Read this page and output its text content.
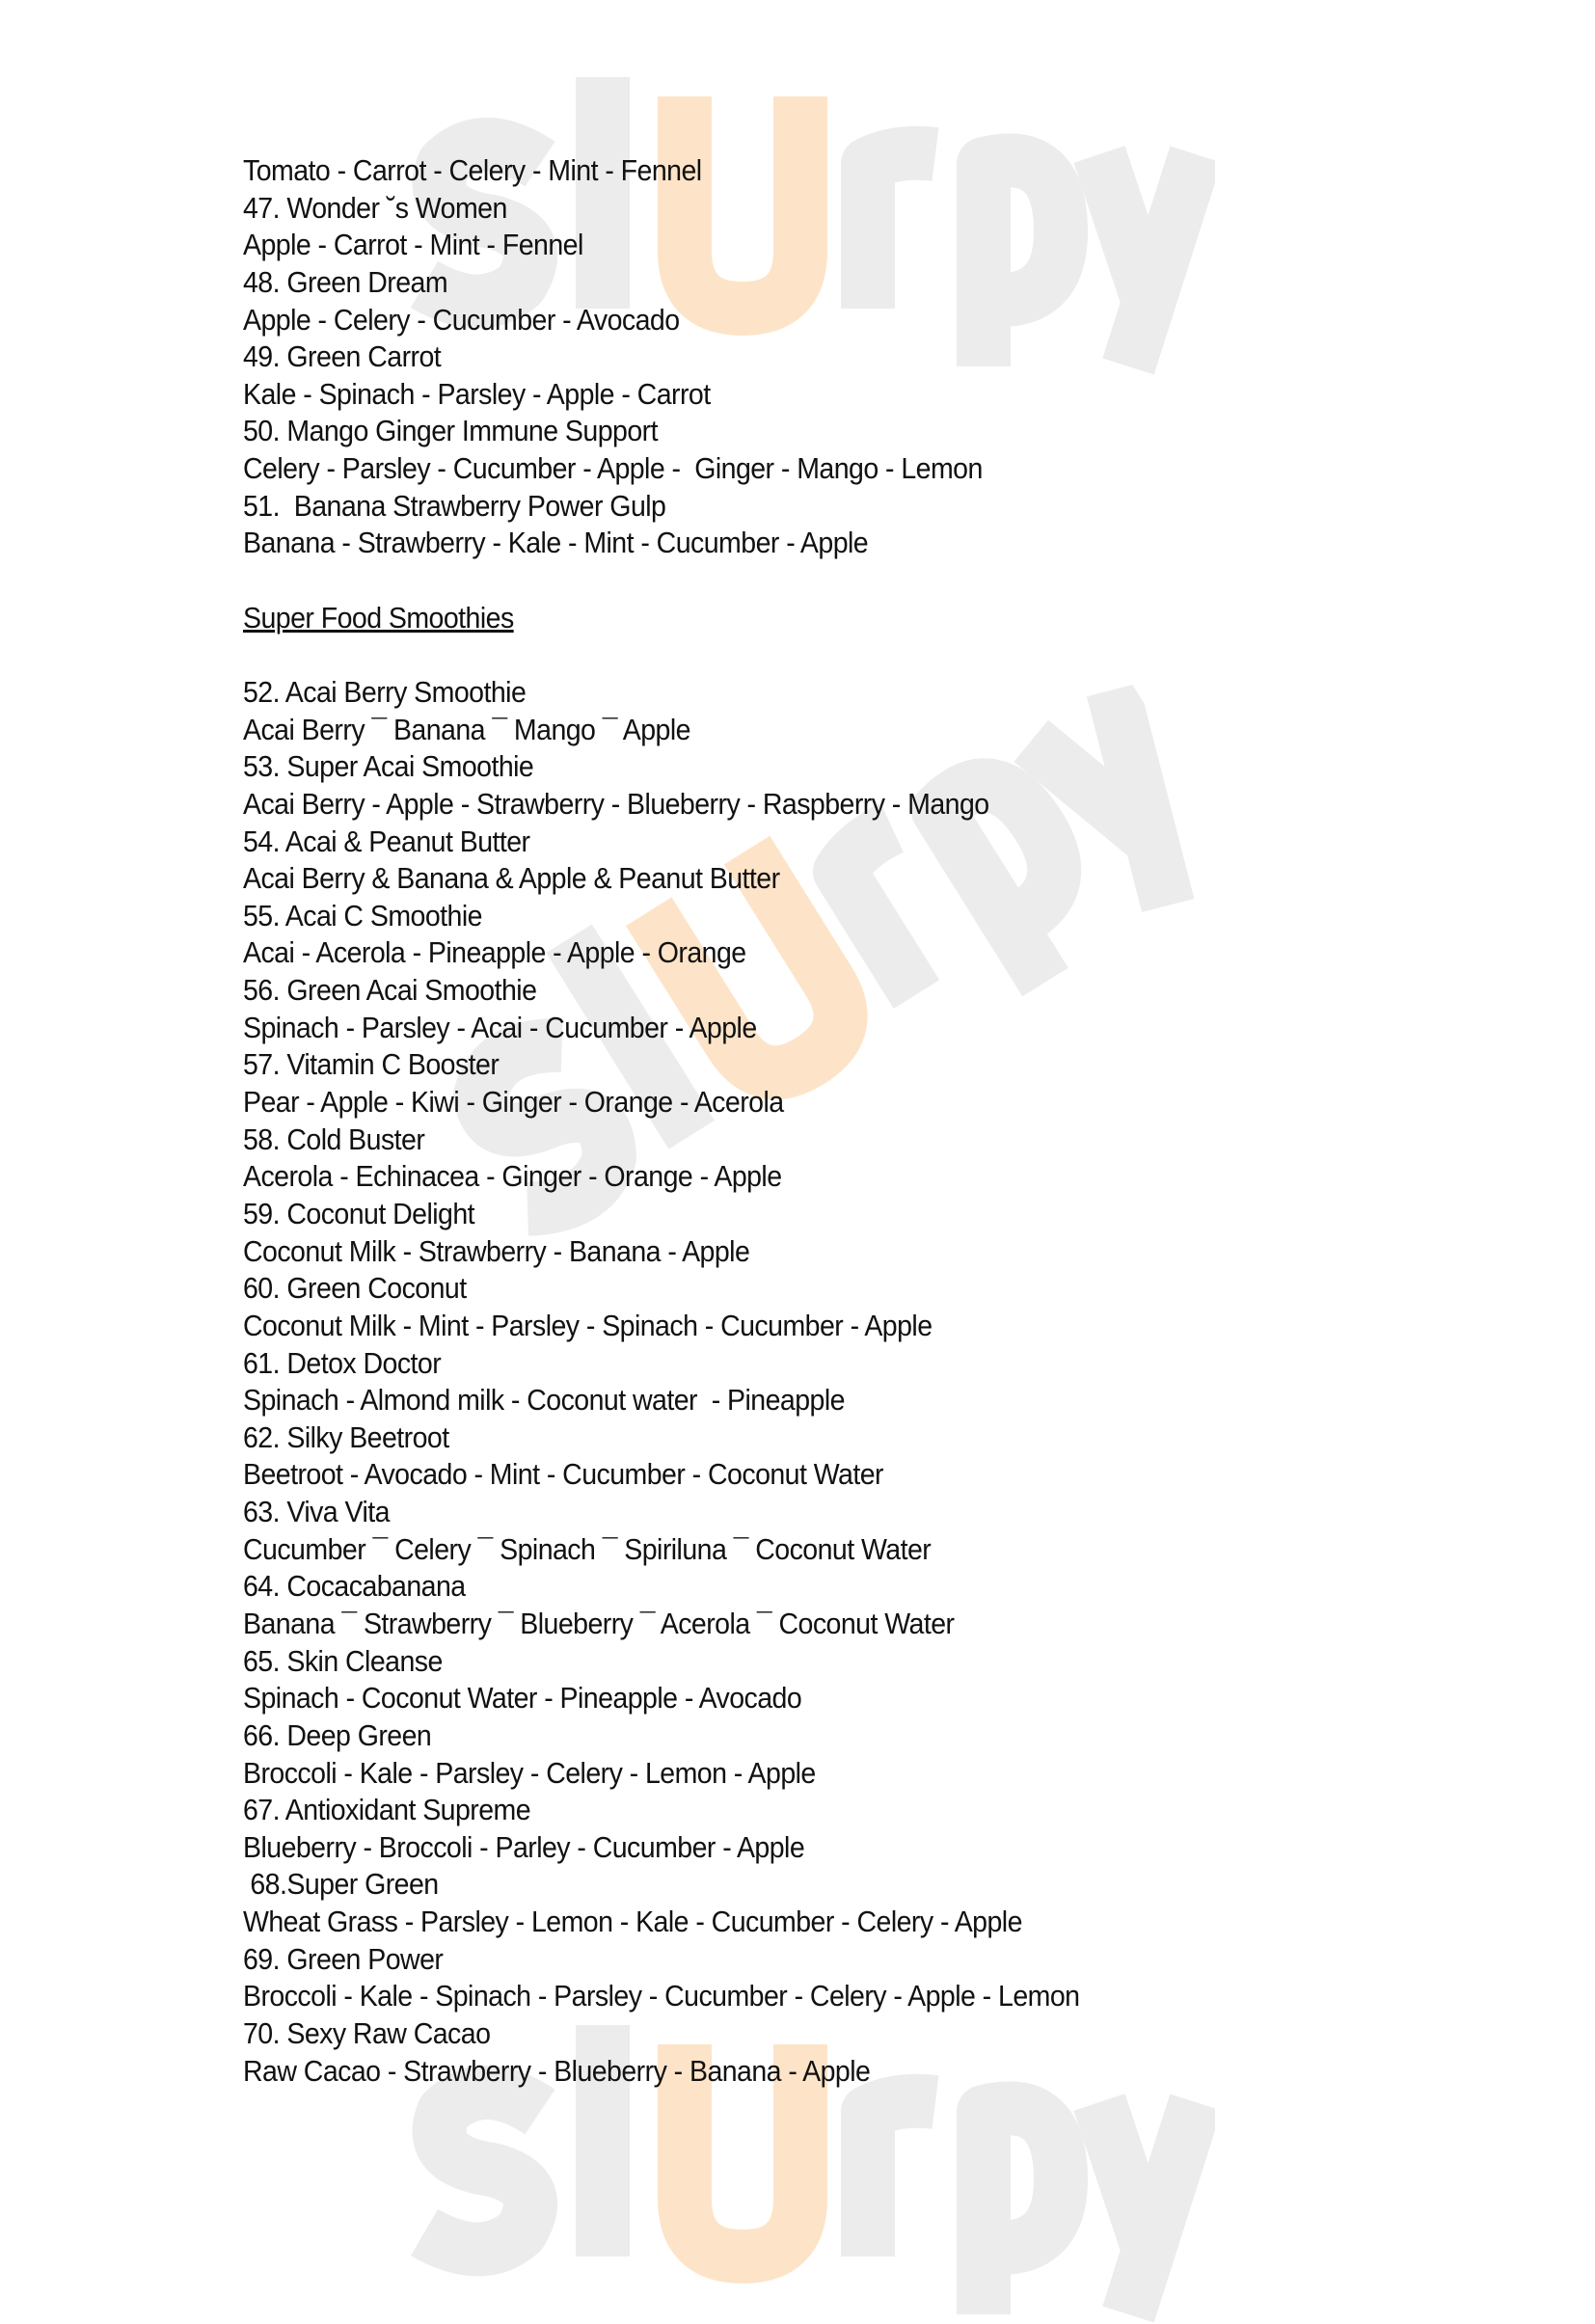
Tomato - Carrot - Celery - Mint - Fennel
47. Wonder ˘s Women
Apple - Carrot - Mint - Fennel
48. Green Dream
Apple - Celery - Cucumber - Avocado
49. Green Carrot
Kale - Spinach - Parsley - Apple - Carrot
50. Mango Ginger Immune Support
Celery - Parsley - Cucumber - Apple -  Ginger - Mango - Lemon
51.  Banana Strawberry Power Gulp
Banana - Strawberry - Kale - Mint - Cucumber - Apple
Super Food Smoothies
52. Acai Berry Smoothie
Acai Berry ¯ Banana ¯ Mango ¯ Apple
53. Super Acai Smoothie
Acai Berry - Apple - Strawberry - Blueberry - Raspberry - Mango
54. Acai & Peanut Butter
Acai Berry & Banana & Apple & Peanut Butter
55. Acai C Smoothie
Acai - Acerola - Pineapple - Apple - Orange
56. Green Acai Smoothie
Spinach - Parsley - Acai - Cucumber - Apple
57. Vitamin C Booster
Pear - Apple - Kiwi - Ginger - Orange - Acerola
58. Cold Buster
Acerola - Echinacea - Ginger - Orange - Apple
59. Coconut Delight
Coconut Milk - Strawberry - Banana - Apple
60. Green Coconut
Coconut Milk - Mint - Parsley - Spinach - Cucumber - Apple
61. Detox Doctor
Spinach - Almond milk - Coconut water  - Pineapple
62. Silky Beetroot
Beetroot - Avocado - Mint - Cucumber - Coconut Water
63. Viva Vita
Cucumber ¯ Celery ¯ Spinach ¯ Spiriluna ¯ Coconut Water
64. Cocacabanana
Banana ¯ Strawberry ¯ Blueberry ¯ Acerola ¯ Coconut Water
65. Skin Cleanse
Spinach - Coconut Water - Pineapple - Avocado
66. Deep Green
Broccoli - Kale - Parsley - Celery - Lemon - Apple
67. Antioxidant Supreme
Blueberry - Broccoli - Parley - Cucumber - Apple
68.Super Green
Wheat Grass - Parsley - Lemon - Kale - Cucumber - Celery - Apple
69. Green Power
Broccoli - Kale - Spinach - Parsley - Cucumber - Celery - Apple - Lemon
70. Sexy Raw Cacao
Raw Cacao - Strawberry - Blueberry - Banana - Apple
